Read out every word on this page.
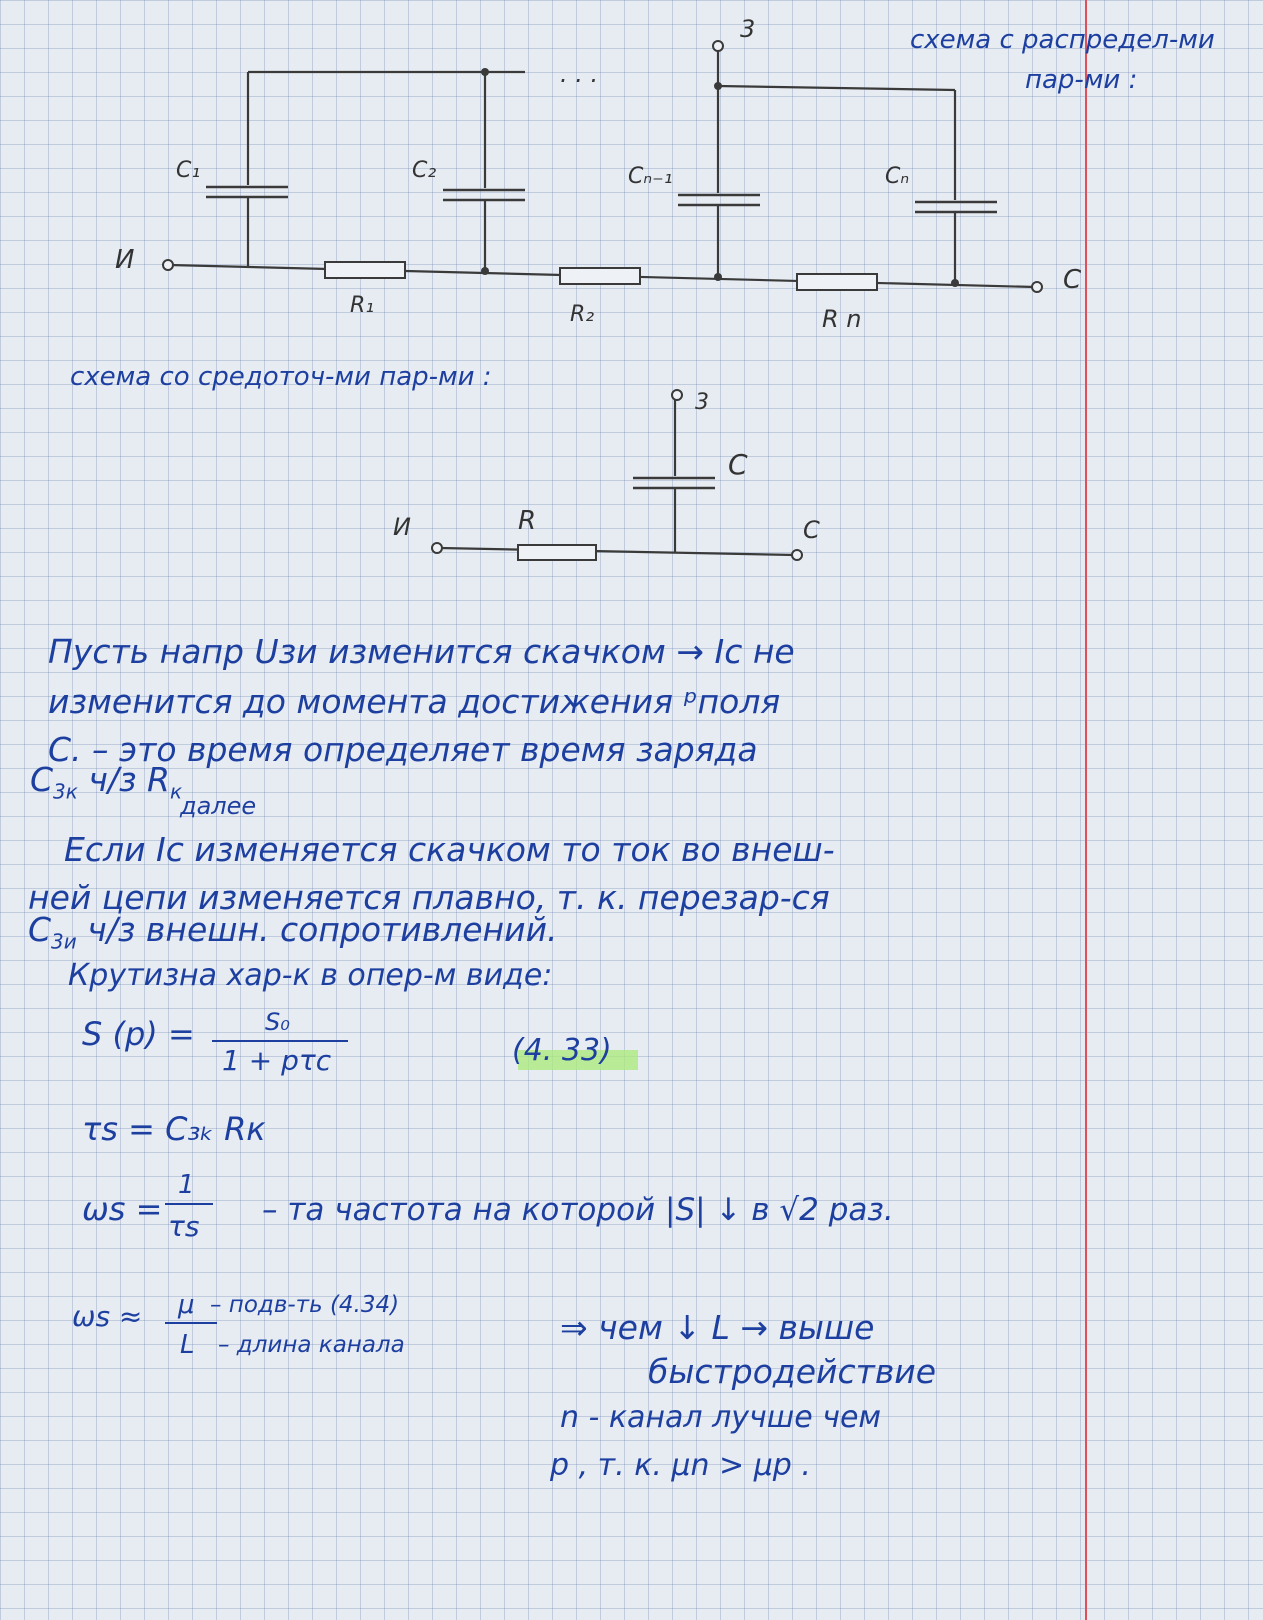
схема с распредел-ми
пар-ми :
И
С
3
. . .
C₁	C₂	Cₙ₋₁	Cₙ
R₁	R₂	R n
схема со средоточ-ми пар-ми :
И	С
3
C
R
Пусть напр Uзи изменится скачком → Ic не
изменится до момента достижения ᵖполя
С. – это время определяет время заряда
$C_{3к}$ ч/з $R_к$
далее
Если Ic изменяется скачком то ток во внеш-
ней цепи изменяется плавно, т. к. перезар-ся
$C_{3и}$ ч/з внешн. сопротивлений.
Крутизна хар-к в опер-м виде:
S (p) =	S₀
1 + pτc	(4. 33)
τs = C₃ₖ Rк
ωs =
1
τs – та частота на которой |S| ↓ в √2 раз.
ωs ≈ μ – подв-ть (4.34)
L – длина канала	⇒ чем ↓ L → выше
быстродействие
n - канал лучше чем
p , т. к. μn > μp .
